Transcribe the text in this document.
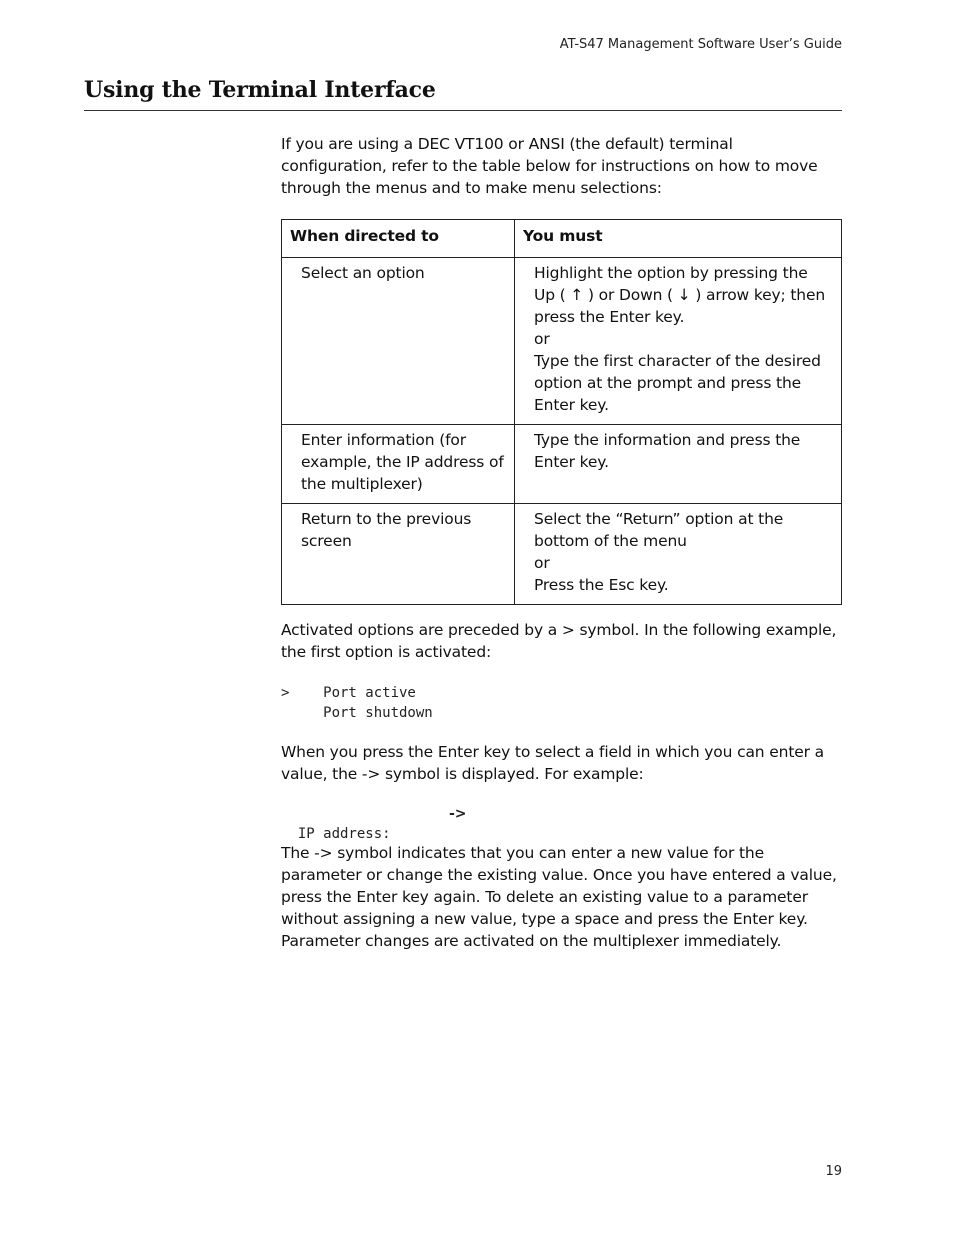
AT-S47 Management Software User’s Guide
Using the Terminal Interface

If you are using a DEC VT100 or ANSI (the default) terminal configuration, refer to the table below for instructions on how to move through the menus and to make menu selections:

When directed to	You must
Select an option	Highlight the option by pressing the Up ( ↑ ) or Down ( ↓ ) arrow key; then press the Enter key.
or
Type the first character of the desired option at the prompt and press the Enter key.
Enter information (for example, the IP address of the multiplexer)	Type the information and press the Enter key.
Return to the previous screen	Select the “Return” option at the bottom of the menu
or
Press the Esc key.

Activated options are preceded by a > symbol. In the following example, the first option is activated:

>    Port active
Port shutdown

When you press the Enter key to select a field in which you can enter a value, the -> symbol is displayed. For example:

IP address:

->

The -> symbol indicates that you can enter a new value for the parameter or change the existing value. Once you have entered a value, press the Enter key again. To delete an existing value to a parameter without assigning a new value, type a space and press the Enter key. Parameter changes are activated on the multiplexer immediately.

19
